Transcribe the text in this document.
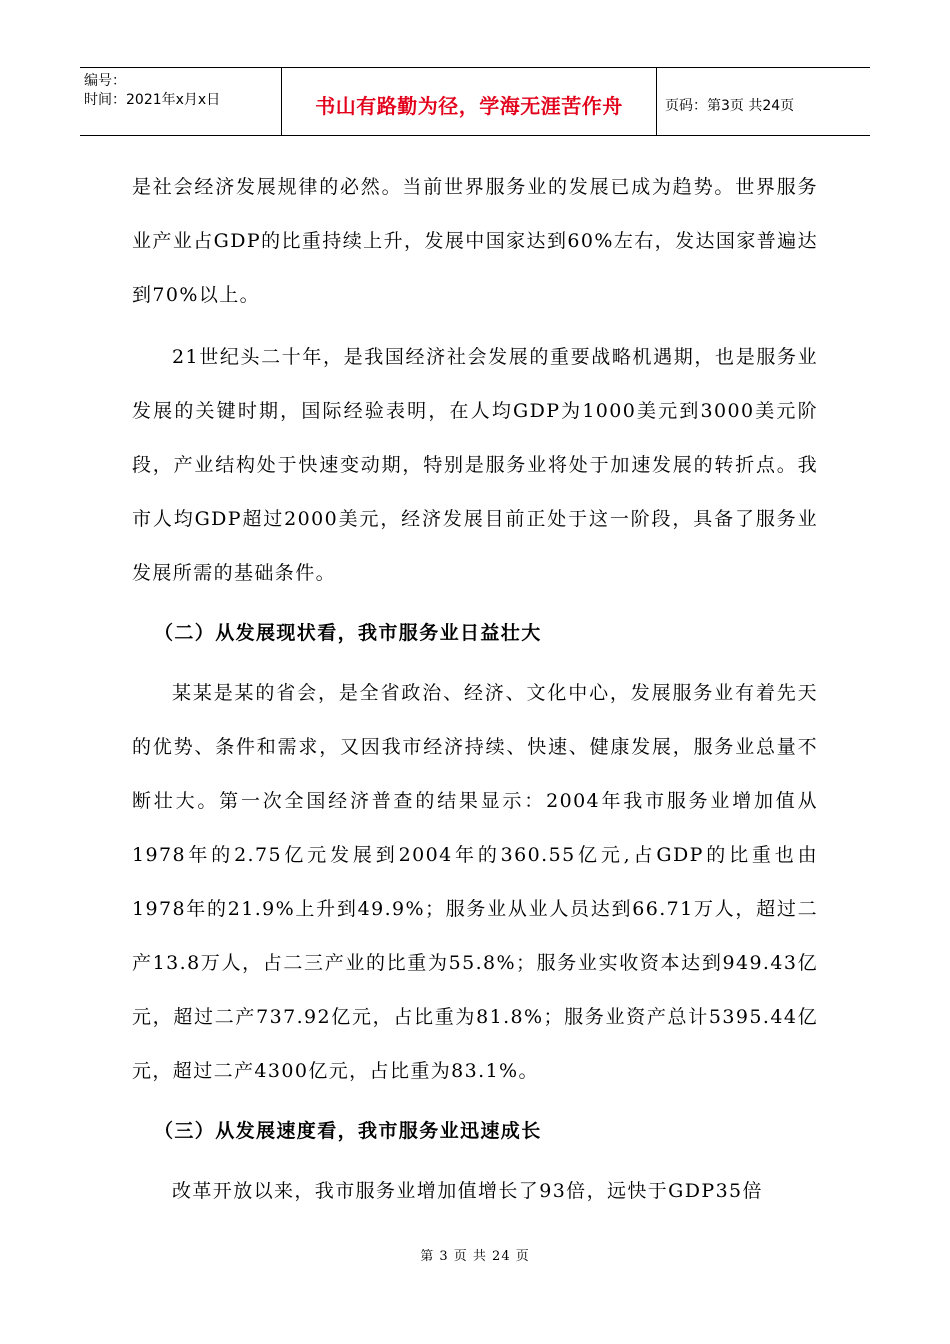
编号：
时间：2021年x月x日	书山有路勤为径，学海无涯苦作舟	页码：第3页 共24页

是社会经济发展规律的必然。当前世界服务业的发展已成为趋势。世界服务业产业占GDP的比重持续上升，发展中国家达到60%左右，发达国家普遍达到70%以上。

21世纪头二十年，是我国经济社会发展的重要战略机遇期，也是服务业发展的关键时期，国际经验表明，在人均GDP为1000美元到3000美元阶段，产业结构处于快速变动期，特别是服务业将处于加速发展的转折点。我市人均GDP超过2000美元，经济发展目前正处于这一阶段，具备了服务业发展所需的基础条件。

（二）从发展现状看，我市服务业日益壮大

某某是某的省会，是全省政治、经济、文化中心，发展服务业有着先天的优势、条件和需求，又因我市经济持续、快速、健康发展，服务业总量不断壮大。第一次全国经济普查的结果显示：2004年我市服务业增加值从1978年的2.75亿元发展到2004年的360.55亿元,占GDP的比重也由1978年的21.9%上升到49.9%；服务业从业人员达到66.71万人，超过二产13.8万人，占二三产业的比重为55.8%；服务业实收资本达到949.43亿元，超过二产737.92亿元，占比重为81.8%；服务业资产总计5395.44亿元，超过二产4300亿元，占比重为83.1%。

（三）从发展速度看，我市服务业迅速成长

改革开放以来，我市服务业增加值增长了93倍，远快于GDP35倍

第 3 页 共 24 页
